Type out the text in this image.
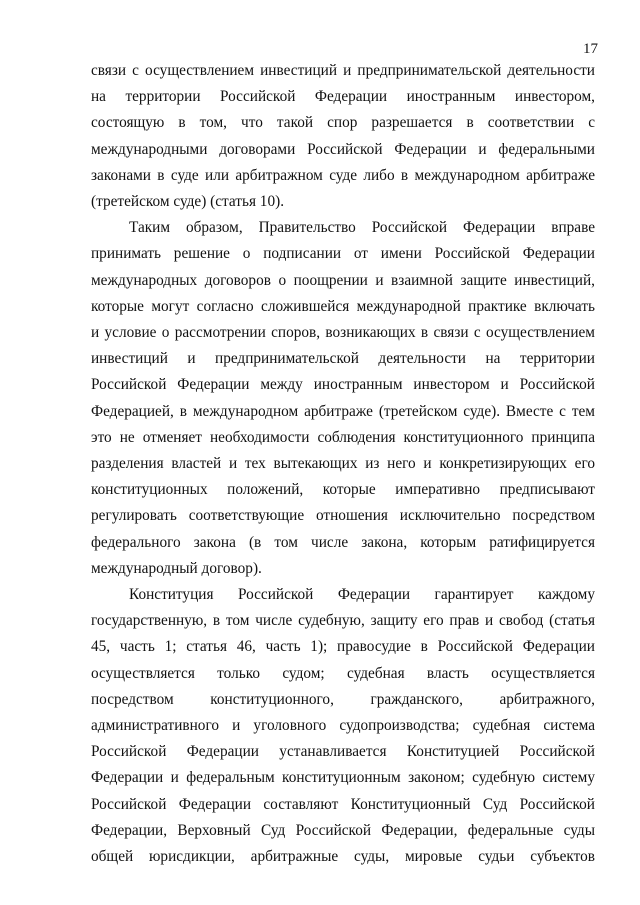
17

связи с осуществлением инвестиций и предпринимательской деятельности
на территории Российской Федерации иностранным инвестором,
состоящую в том, что такой спор разрешается в соответствии с
международными договорами Российской Федерации и федеральными
законами в суде или арбитражном суде либо в международном арбитраже
(третейском суде) (статья 10).

Таким образом, Правительство Российской Федерации вправе
принимать решение о подписании от имени Российской Федерации
международных договоров о поощрении и взаимной защите инвестиций,
которые могут согласно сложившейся международной практике включать
и условие о рассмотрении споров, возникающих в связи с осуществлением
инвестиций и предпринимательской деятельности на территории
Российской Федерации между иностранным инвестором и Российской
Федерацией, в международном арбитраже (третейском суде). Вместе с тем
это не отменяет необходимости соблюдения конституционного принципа
разделения властей и тех вытекающих из него и конкретизирующих его
конституционных положений, которые императивно предписывают
регулировать соответствующие отношения исключительно посредством
федерального закона (в том числе закона, которым ратифицируется
международный договор).

Конституция Российской Федерации гарантирует каждому
государственную, в том числе судебную, защиту его прав и свобод (статья
45, часть 1; статья 46, часть 1); правосудие в Российской Федерации
осуществляется только судом; судебная власть осуществляется
посредством конституционного, гражданского, арбитражного,
административного и уголовного судопроизводства; судебная система
Российской Федерации устанавливается Конституцией Российской
Федерации и федеральным конституционным законом; судебную систему
Российской Федерации составляют Конституционный Суд Российской
Федерации, Верховный Суд Российской Федерации, федеральные суды
общей юрисдикции, арбитражные суды, мировые судьи субъектов
